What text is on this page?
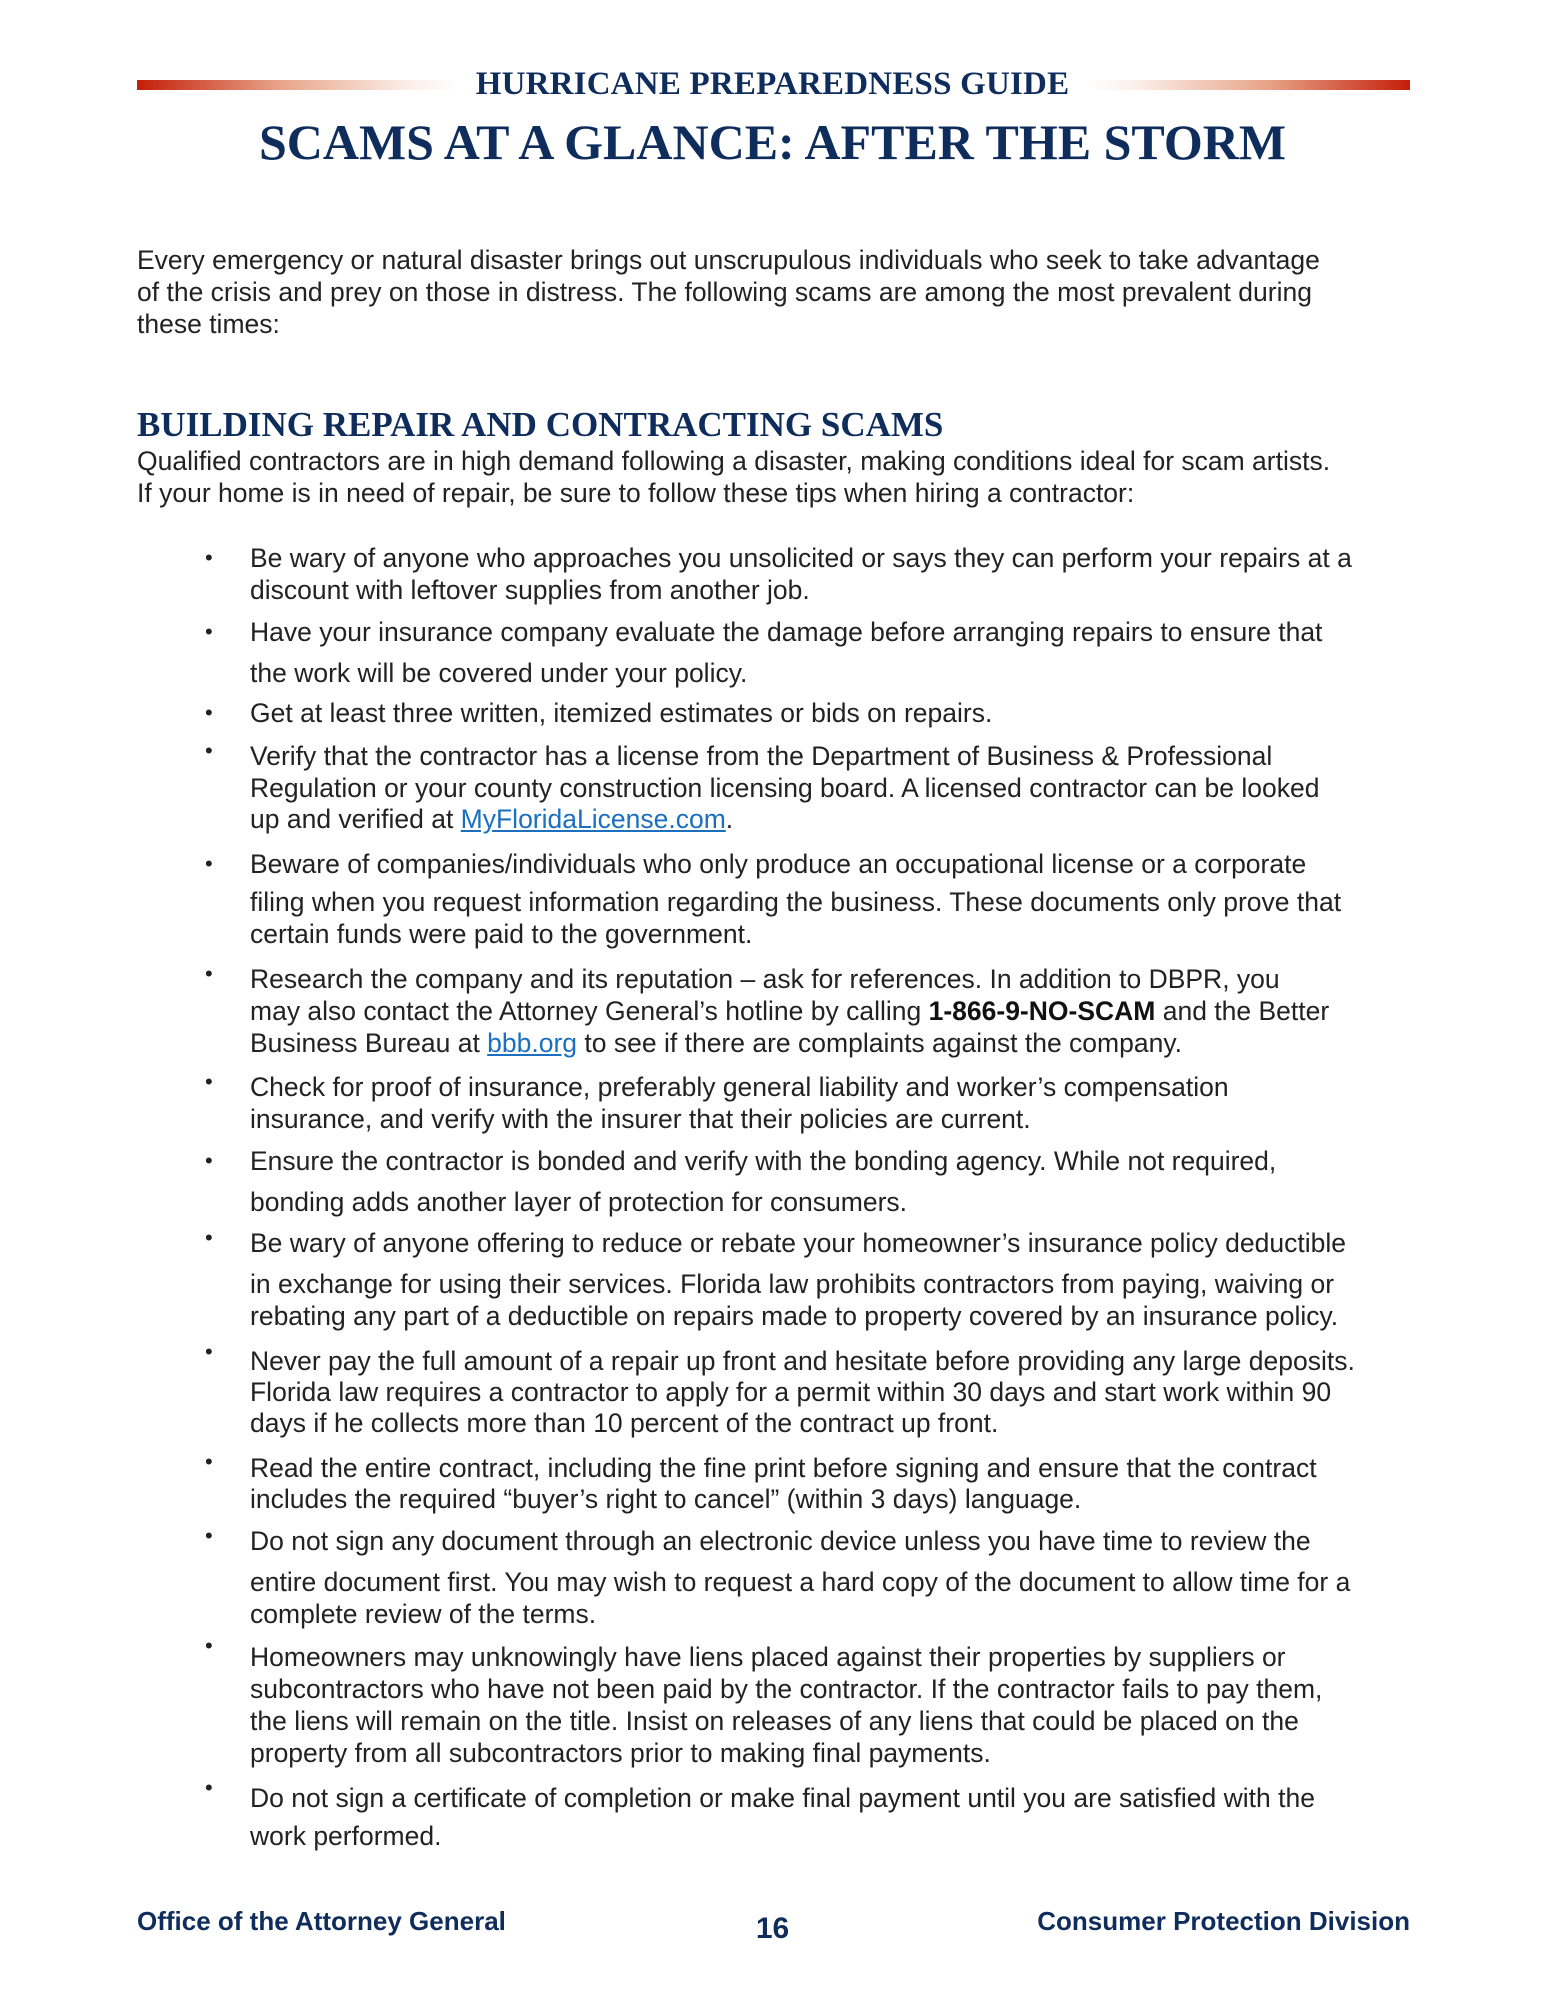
HURRICANE PREPAREDNESS GUIDE
SCAMS AT A GLANCE: AFTER THE STORM
Every emergency or natural disaster brings out unscrupulous individuals who seek to take advantage
of the crisis and prey on those in distress. The following scams are among the most prevalent during
these times:
BUILDING REPAIR AND CONTRACTING SCAMS
Qualified contractors are in high demand following a disaster, making conditions ideal for scam artists.
If your home is in need of repair, be sure to follow these tips when hiring a contractor:
• Be wary of anyone who approaches you unsolicited or says they can perform your repairs at a
discount with leftover supplies from another job.
• Have your insurance company evaluate the damage before arranging repairs to ensure that
the work will be covered under your policy.
• Get at least three written, itemized estimates or bids on repairs.
• Verify that the contractor has a license from the Department of Business & Professional
Regulation or your county construction licensing board. A licensed contractor can be looked
up and verified at MyFloridaLicense.com.
• Beware of companies/individuals who only produce an occupational license or a corporate
filing when you request information regarding the business. These documents only prove that
certain funds were paid to the government.
• Research the company and its reputation – ask for references. In addition to DBPR, you
may also contact the Attorney General’s hotline by calling 1-866-9-NO-SCAM and the Better
Business Bureau at bbb.org to see if there are complaints against the company.
• Check for proof of insurance, preferably general liability and worker’s compensation
insurance, and verify with the insurer that their policies are current.
• Ensure the contractor is bonded and verify with the bonding agency. While not required,
bonding adds another layer of protection for consumers.
• Be wary of anyone offering to reduce or rebate your homeowner’s insurance policy deductible
in exchange for using their services. Florida law prohibits contractors from paying, waiving or
rebating any part of a deductible on repairs made to property covered by an insurance policy.
• Never pay the full amount of a repair up front and hesitate before providing any large deposits.
Florida law requires a contractor to apply for a permit within 30 days and start work within 90
days if he collects more than 10 percent of the contract up front.
• Read the entire contract, including the fine print before signing and ensure that the contract
includes the required “buyer’s right to cancel” (within 3 days) language.
• Do not sign any document through an electronic device unless you have time to review the
entire document first. You may wish to request a hard copy of the document to allow time for a
complete review of the terms.
• Homeowners may unknowingly have liens placed against their properties by suppliers or
subcontractors who have not been paid by the contractor. If the contractor fails to pay them,
the liens will remain on the title. Insist on releases of any liens that could be placed on the
property from all subcontractors prior to making final payments.
• Do not sign a certificate of completion or make final payment until you are satisfied with the
work performed.
Office of the Attorney General	16	Consumer Protection Division
